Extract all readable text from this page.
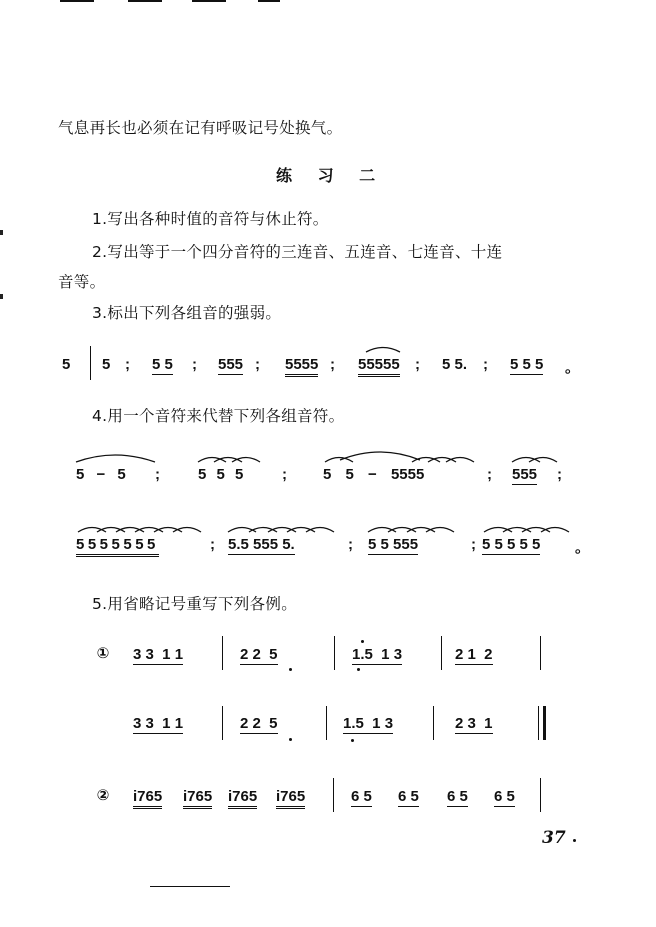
气息再长也必须在记有呼吸记号处换气。
练 习 二
1.写出各种时值的音符与休止符。
2.写出等于一个四分音符的三连音、五连音、七连音、十连
音等。
3.标出下列各组音的强弱。
5 5 ; 5 5 ; 555 ; 5555 ; 55555 ; 5 5. ; 5 5 5 。
4.用一个音符来代替下列各组音符。
5 − 5 ;	5 5 5	; 5 5 − 5555	; 555 ;
5555555	; 5.5 555 5.	; 5 5 555	; 5 5 5 5 5 。
5.用省略记号重写下列各例。
① 3 3  1 1	2 2  5	1.5  1 3	2 1  2
3 3  1 1	2 2  5	1.5  1 3	2 3  1
② i765 i765 i765 i765	6 5 6 5 6 5 6 5
37
